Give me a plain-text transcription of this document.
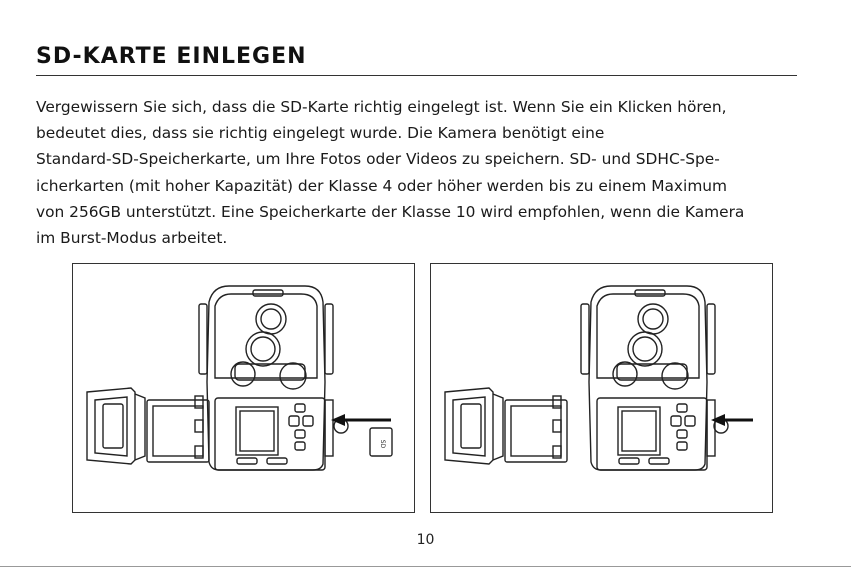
SD-KARTE EINLEGEN
Vergewissern Sie sich, dass die SD-Karte richtig eingelegt ist. Wenn Sie ein Klicken hören,
bedeutet dies, dass sie richtig eingelegt wurde. Die Kamera benötigt eine
Standard-SD-Speicherkarte, um Ihre Fotos oder Videos zu speichern. SD- und SDHC-Spe-
icherkarten (mit hoher Kapazität) der Klasse 4 oder höher werden bis zu einem Maximum
von 256GB unterstützt. Eine Speicherkarte der Klasse 10 wird empfohlen, wenn die Kamera
im Burst-Modus arbeitet.
SD
10
